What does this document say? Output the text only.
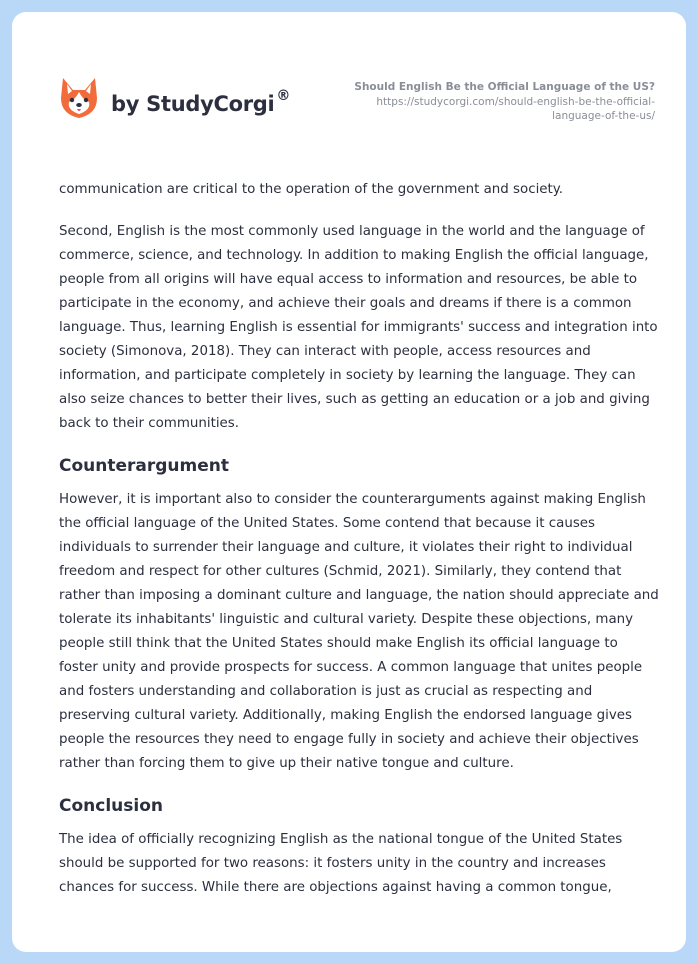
by StudyCorgi ®
Should English Be the Official Language of the US?
https://studycorgi.com/should-english-be-the-official-language-of-the-us/

communication are critical to the operation of the government and society.

Second, English is the most commonly used language in the world and the language of commerce, science, and technology. In addition to making English the official language, people from all origins will have equal access to information and resources, be able to participate in the economy, and achieve their goals and dreams if there is a common language. Thus, learning English is essential for immigrants' success and integration into society (Simonova, 2018). They can interact with people, access resources and information, and participate completely in society by learning the language. They can also seize chances to better their lives, such as getting an education or a job and giving back to their communities.

Counterargument

However, it is important also to consider the counterarguments against making English the official language of the United States. Some contend that because it causes individuals to surrender their language and culture, it violates their right to individual freedom and respect for other cultures (Schmid, 2021). Similarly, they contend that rather than imposing a dominant culture and language, the nation should appreciate and tolerate its inhabitants' linguistic and cultural variety. Despite these objections, many people still think that the United States should make English its official language to foster unity and provide prospects for success. A common language that unites people and fosters understanding and collaboration is just as crucial as respecting and preserving cultural variety. Additionally, making English the endorsed language gives people the resources they need to engage fully in society and achieve their objectives rather than forcing them to give up their native tongue and culture.

Conclusion

The idea of officially recognizing English as the national tongue of the United States should be supported for two reasons: it fosters unity in the country and increases chances for success. While there are objections against having a common tongue,
